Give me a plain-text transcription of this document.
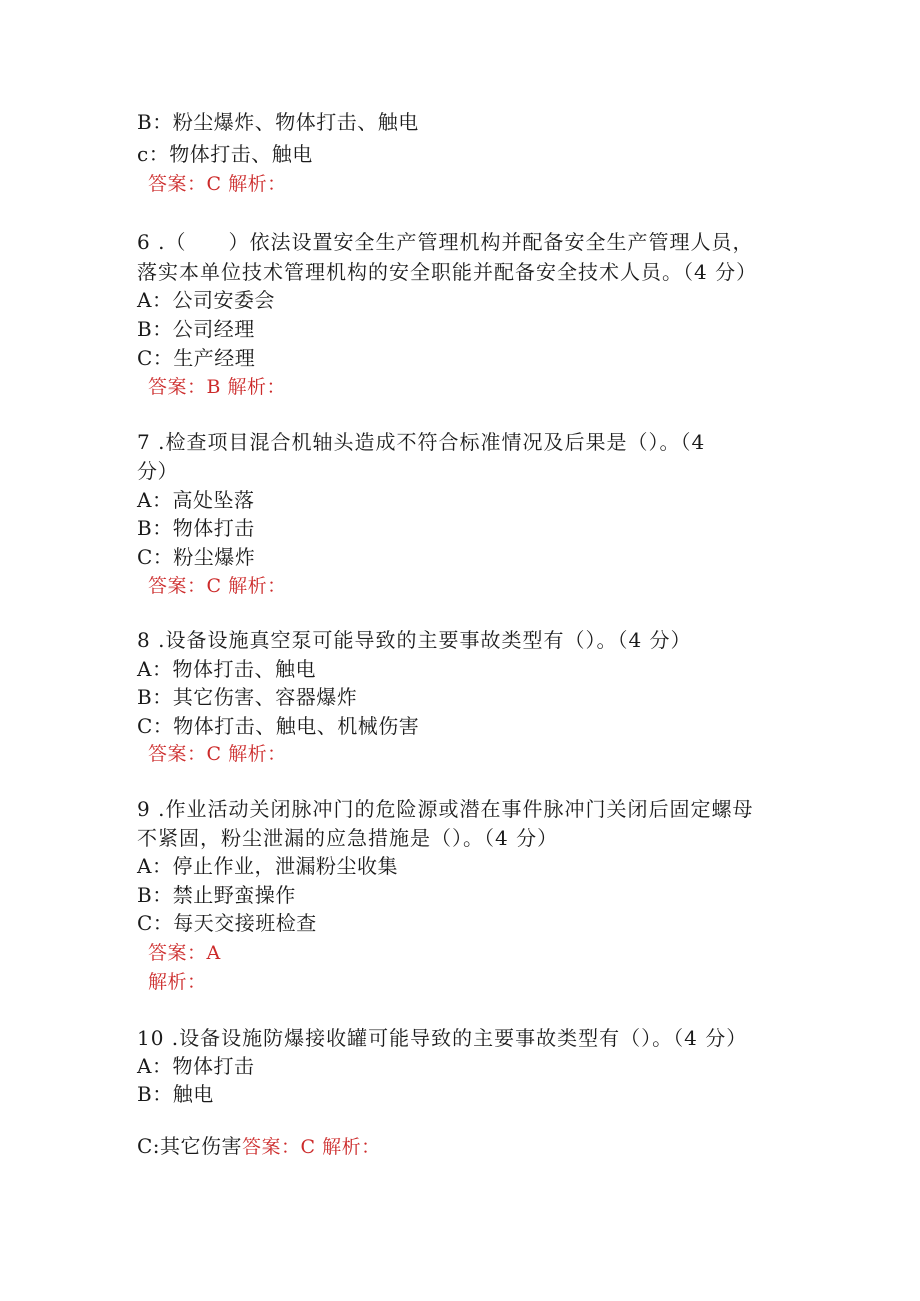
B：粉尘爆炸、物体打击、触电
c：物体打击、触电
答案：C 解析：
6 .（　　）依法设置安全生产管理机构并配备安全生产管理人员，
落实本单位技术管理机构的安全职能并配备安全技术人员。（4 分）
A：公司安委会
B：公司经理
C：生产经理
答案：B 解析：
7 .检查项目混合机轴头造成不符合标准情况及后果是（）。（4
分）
A：高处坠落
B：物体打击
C：粉尘爆炸
答案：C 解析：
8 .设备设施真空泵可能导致的主要事故类型有（）。（4 分）
A：物体打击、触电
B：其它伤害、容器爆炸
C：物体打击、触电、机械伤害
答案：C 解析：
9 .作业活动关闭脉冲门的危险源或潜在事件脉冲门关闭后固定螺母
不紧固，粉尘泄漏的应急措施是（）。（4 分）
A：停止作业，泄漏粉尘收集
B：禁止野蛮操作
C：每天交接班检查
答案：A
解析：
10 .设备设施防爆接收罐可能导致的主要事故类型有（）。（4 分）
A：物体打击
B：触电
C:其它伤害答案：C 解析：
